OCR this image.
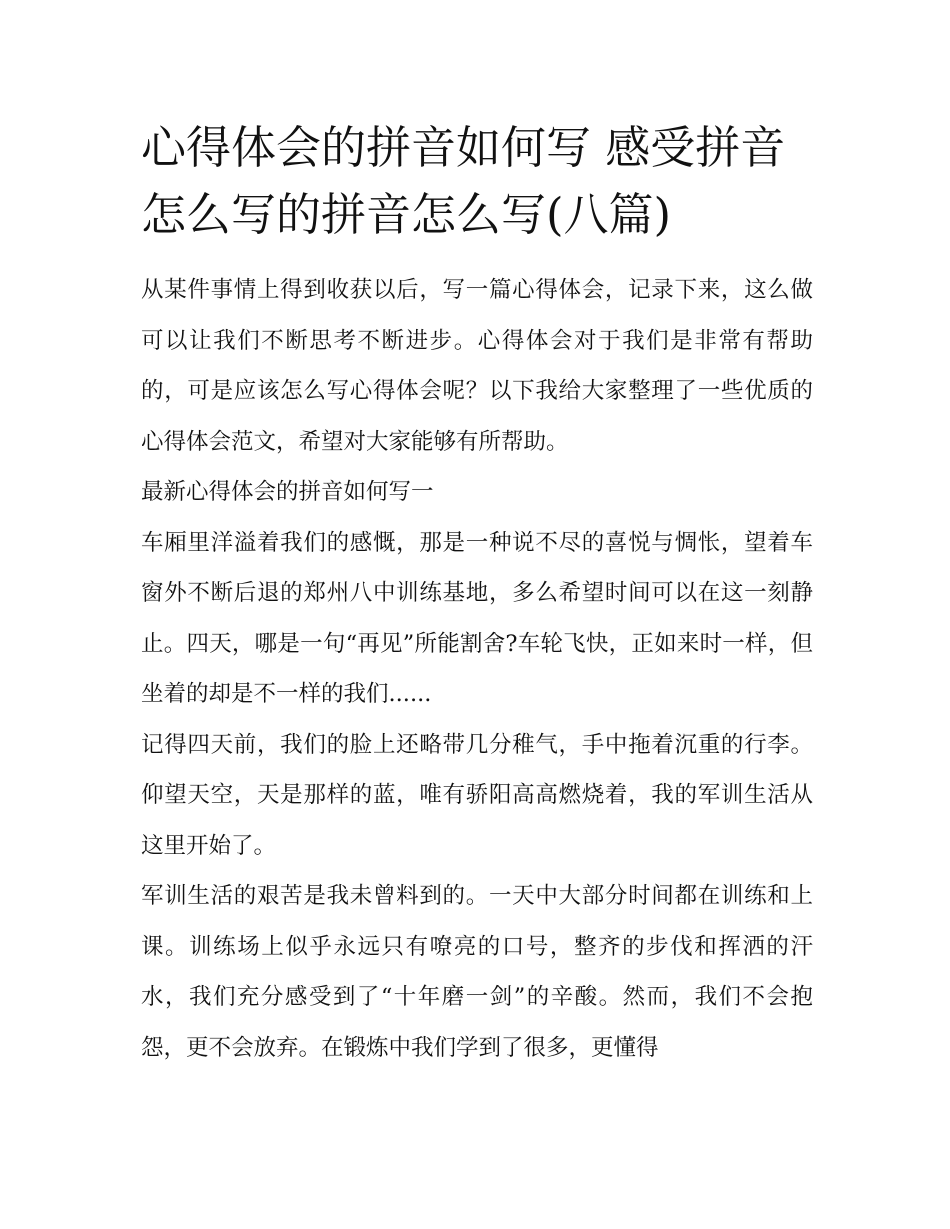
心得体会的拼音如何写 感受拼音怎么写的拼音怎么写(八篇)

从某件事情上得到收获以后，写一篇心得体会，记录下来，这么做可以让我们不断思考不断进步。心得体会对于我们是非常有帮助的，可是应该怎么写心得体会呢？以下我给大家整理了一些优质的心得体会范文，希望对大家能够有所帮助。

最新心得体会的拼音如何写一

车厢里洋溢着我们的感慨，那是一种说不尽的喜悦与惆怅，望着车窗外不断后退的郑州八中训练基地，多么希望时间可以在这一刻静止。四天，哪是一句“再见”所能割舍?车轮飞快，正如来时一样，但坐着的却是不一样的我们......

记得四天前，我们的脸上还略带几分稚气，手中拖着沉重的行李。仰望天空，天是那样的蓝，唯有骄阳高高燃烧着，我的军训生活从这里开始了。

军训生活的艰苦是我未曾料到的。一天中大部分时间都在训练和上课。训练场上似乎永远只有嘹亮的口号，整齐的步伐和挥洒的汗水，我们充分感受到了“十年磨一剑”的辛酸。然而，我们不会抱怨，更不会放弃。在锻炼中我们学到了很多，更懂得
